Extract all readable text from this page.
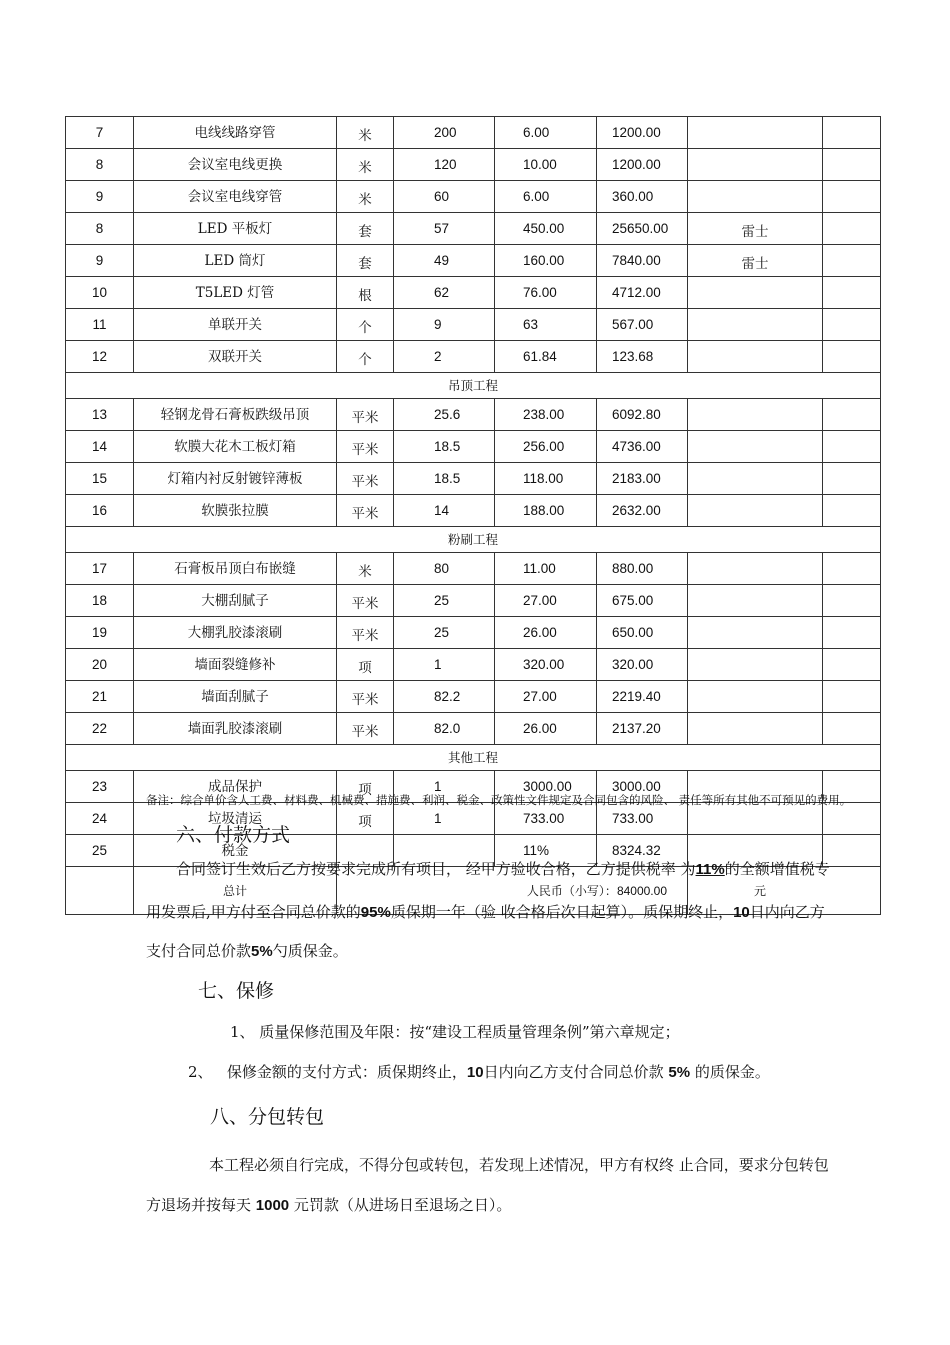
7	电线线路穿管	米	200	6.00	1200.00		
8	会议室电线更换	米	120	10.00	1200.00		
9	会议室电线穿管	米	60	6.00	360.00		
8	LED 平板灯	套	57	450.00	25650.00	雷士	
9	LED 筒灯	套	49	160.00	7840.00	雷士	
10	T5LED 灯管	根	62	76.00	4712.00		
11	单联开关	个	9	63	567.00		
12	双联开关	个	2	61.84	123.68		
吊顶工程							
13	轻钢龙骨石膏板跌级吊顶	平米	25.6	238.00	6092.80		
14	软膜大花木工板灯箱	平米	18.5	256.00	4736.00		
15	灯箱内衬反射镀锌薄板	平米	18.5	118.00	2183.00		
16	软膜张拉膜	平米	14	188.00	2632.00		
粉刷工程							
17	石膏板吊顶白布嵌缝	米	80	11.00	880.00		
18	大棚刮腻子	平米	25	27.00	675.00		
19	大棚乳胶漆滚刷	平米	25	26.00	650.00		
20	墙面裂缝修补	项	1	320.00	320.00		
21	墙面刮腻子	平米	82.2	27.00	2219.40		
22	墙面乳胶漆滚刷	平米	82.0	26.00	2137.20		
其他工程							
23	成品保护	项	1	3000.00	3000.00		
24	垃圾清运	项	1	733.00	733.00		
25	税金			11%	8324.32		
	总计	人民币（小写）：84000.00				元	
备注：综合单价含人工费、材料费、机械费、措施费、利润、税金、政策性文件规定及合同包含的风险、 责任等所有其他不可预见的费用。
六、付款方式
合同签订生效后乙方按要求完成所有项目， 经甲方验收合格，乙方提供税率 为11%的全额增值税专
用发票后,甲方付至合同总价款的95%质保期一年（验 收合格后次日起算）。质保期终止，10日内向乙方
支付合同总价款5%勺质保金。
七、保修
1、 质量保修范围及年限：按“建设工程质量管理条例”第六章规定；
2、 保修金额的支付方式：质保期终止，10日内向乙方支付合同总价款 5% 的质保金。
八、分包转包
本工程必须自行完成，不得分包或转包，若发现上述情况，甲方有权终 止合同，要求分包转包
方退场并按每天 1000 元罚款（从进场日至退场之日）。
